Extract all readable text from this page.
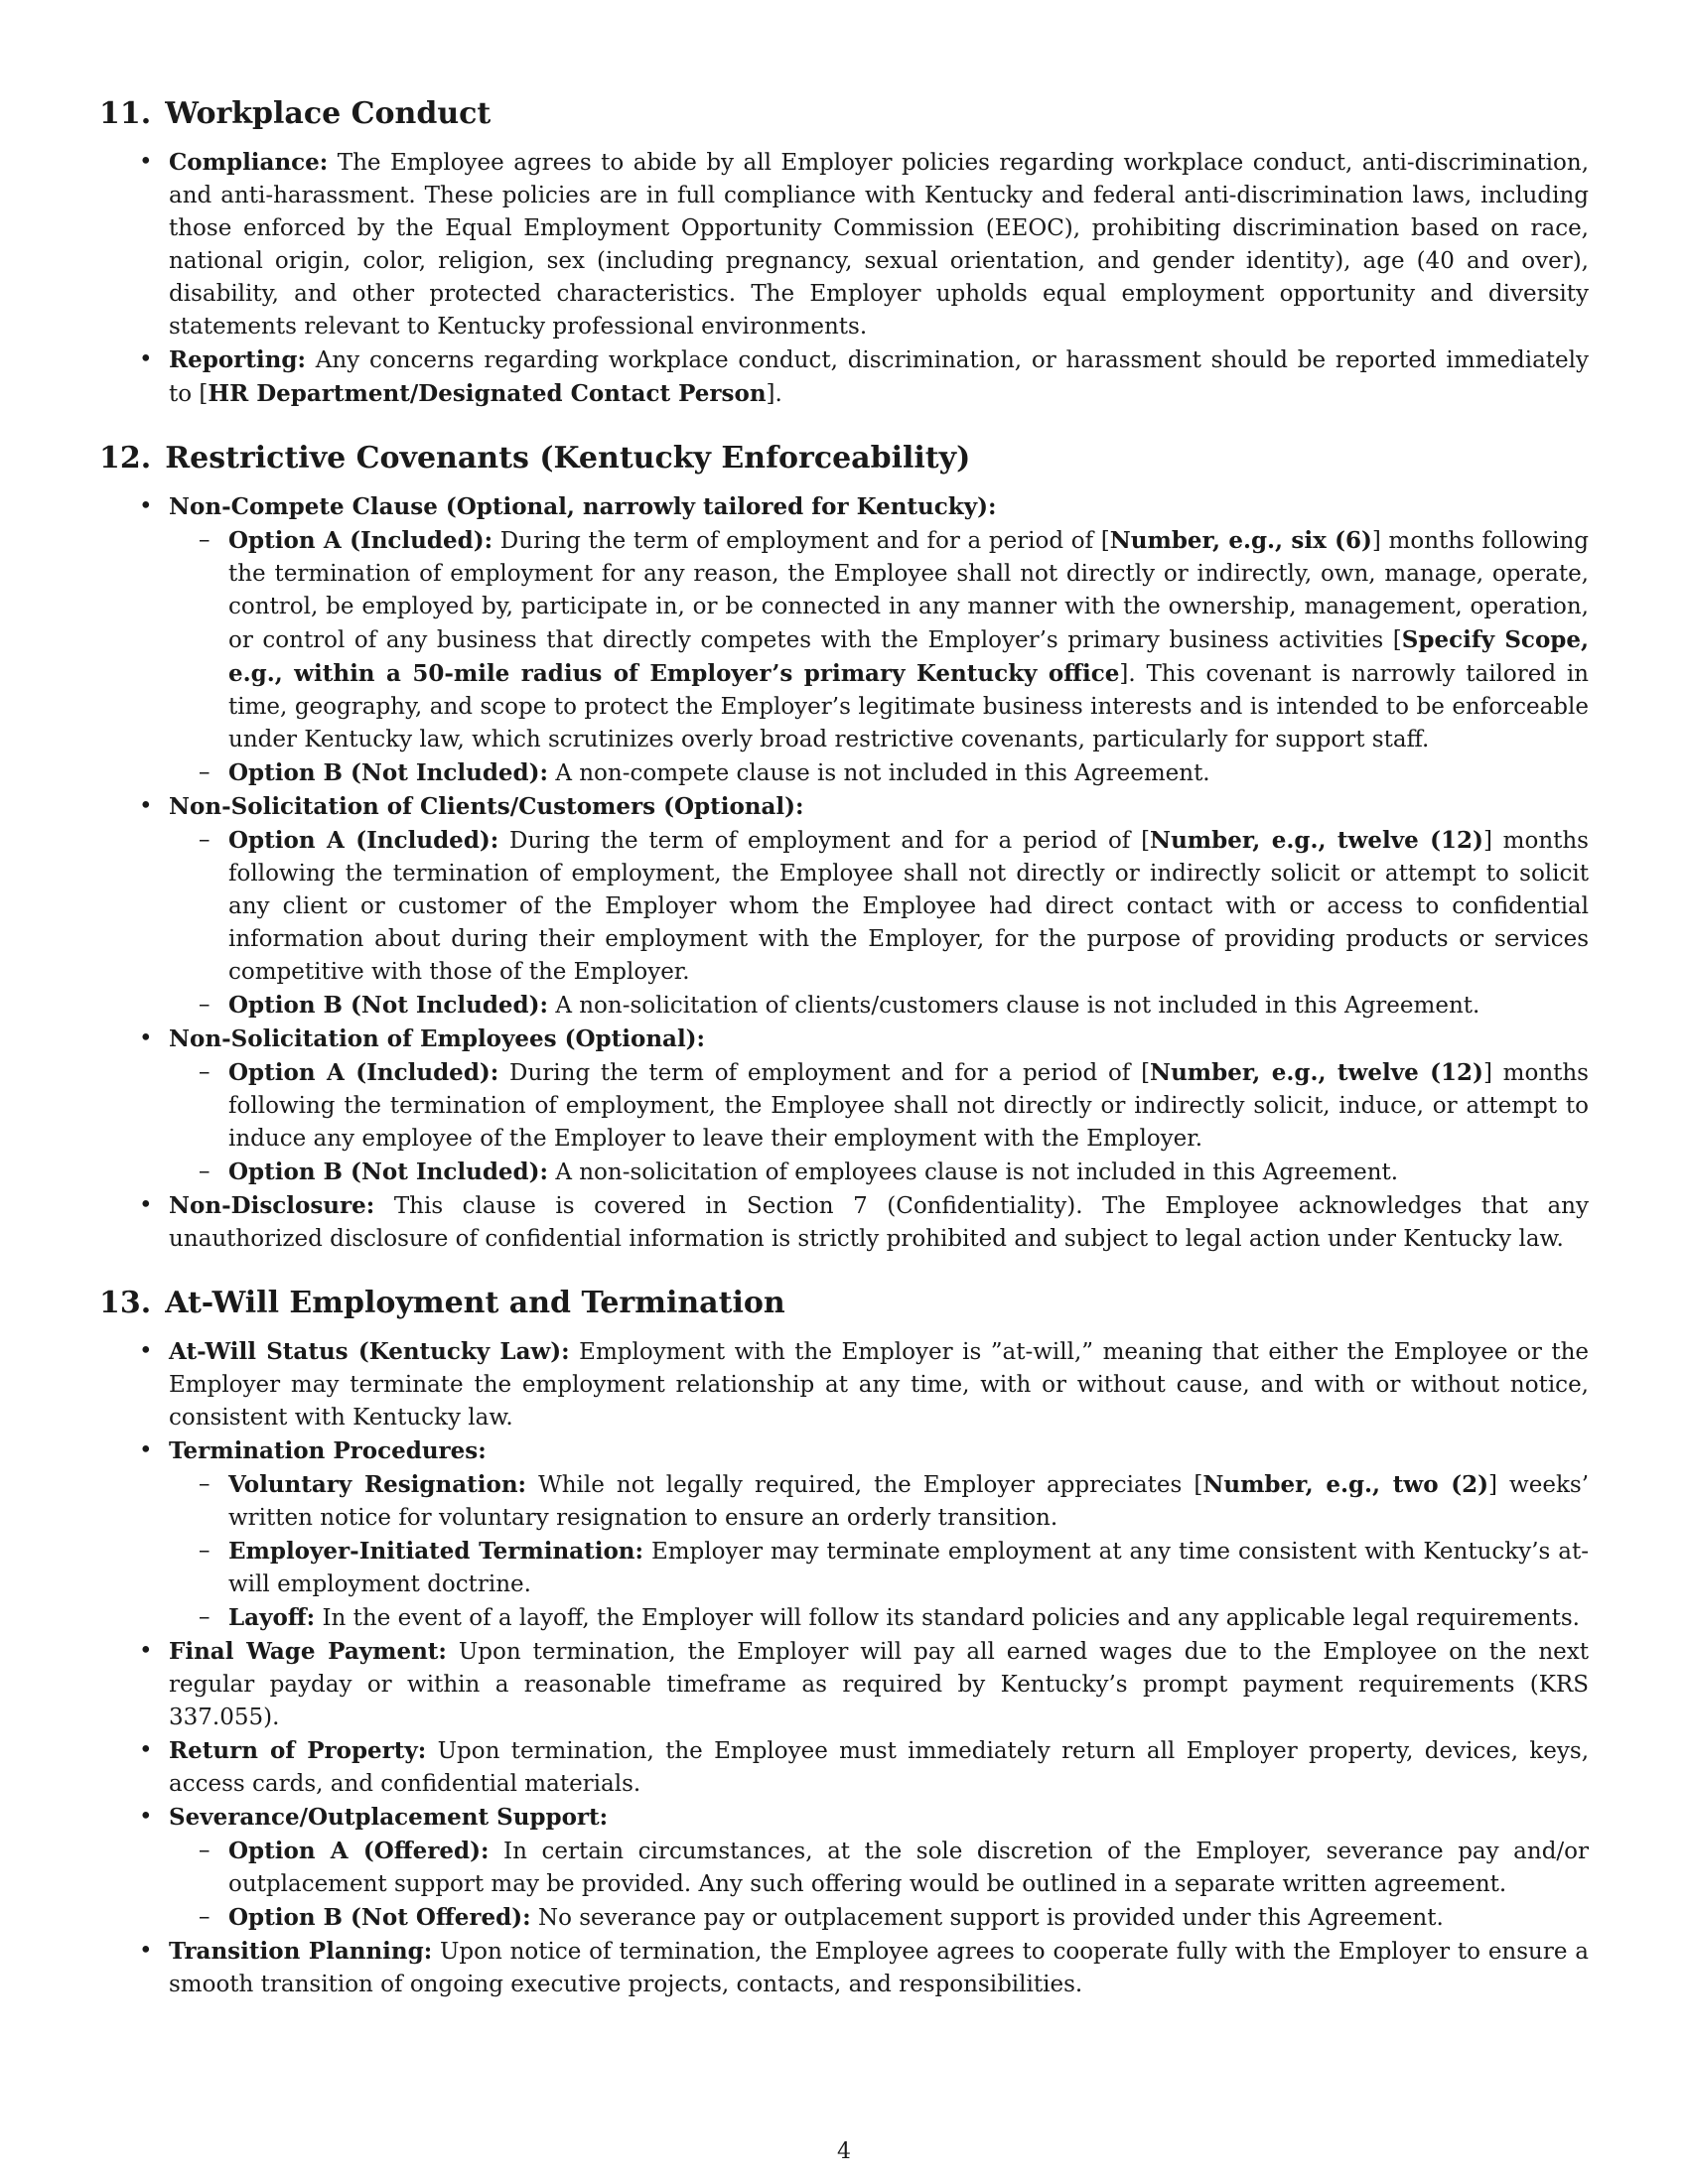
11. Workplace Conduct
• Compliance: The Employee agrees to abide by all Employer policies regarding workplace conduct, anti-discrimination, and anti-harassment. These policies are in full compliance with Kentucky and federal anti-discrimination laws, including those enforced by the Equal Employment Opportunity Commission (EEOC), prohibiting discrimination based on race, national origin, color, religion, sex (including pregnancy, sexual orientation, and gender identity), age (40 and over), disability, and other protected characteristics. The Employer upholds equal employment opportunity and diversity statements relevant to Kentucky professional environments.
• Reporting: Any concerns regarding workplace conduct, discrimination, or harassment should be reported immediately to [HR Department/Designated Contact Person].
12. Restrictive Covenants (Kentucky Enforceability)
• Non-Compete Clause (Optional, narrowly tailored for Kentucky):
– Option A (Included): During the term of employment and for a period of [Number, e.g., six (6)] months following the termination of employment for any reason, the Employee shall not directly or indirectly, own, manage, operate, control, be employed by, participate in, or be connected in any manner with the ownership, management, operation, or control of any business that directly competes with the Employer’s primary business activities [Specify Scope, e.g., within a 50-mile radius of Employer’s primary Kentucky office]. This covenant is narrowly tailored in time, geography, and scope to protect the Employer’s legitimate business interests and is intended to be enforceable under Kentucky law, which scrutinizes overly broad restrictive covenants, particularly for support staff.
– Option B (Not Included): A non-compete clause is not included in this Agreement.
• Non-Solicitation of Clients/Customers (Optional):
– Option A (Included): During the term of employment and for a period of [Number, e.g., twelve (12)] months following the termination of employment, the Employee shall not directly or indirectly solicit or attempt to solicit any client or customer of the Employer whom the Employee had direct contact with or access to confidential information about during their employment with the Employer, for the purpose of providing products or services competitive with those of the Employer.
– Option B (Not Included): A non-solicitation of clients/customers clause is not included in this Agreement.
• Non-Solicitation of Employees (Optional):
– Option A (Included): During the term of employment and for a period of [Number, e.g., twelve (12)] months following the termination of employment, the Employee shall not directly or indirectly solicit, induce, or attempt to induce any employee of the Employer to leave their employment with the Employer.
– Option B (Not Included): A non-solicitation of employees clause is not included in this Agreement.
• Non-Disclosure: This clause is covered in Section 7 (Confidentiality). The Employee acknowledges that any unauthorized disclosure of confidential information is strictly prohibited and subject to legal action under Kentucky law.
13. At-Will Employment and Termination
• At-Will Status (Kentucky Law): Employment with the Employer is ”at-will,” meaning that either the Employee or the Employer may terminate the employment relationship at any time, with or without cause, and with or without notice, consistent with Kentucky law.
• Termination Procedures:
– Voluntary Resignation: While not legally required, the Employer appreciates [Number, e.g., two (2)] weeks’ written notice for voluntary resignation to ensure an orderly transition.
– Employer-Initiated Termination: Employer may terminate employment at any time consistent with Kentucky’s at-will employment doctrine.
– Layoff: In the event of a layoff, the Employer will follow its standard policies and any applicable legal requirements.
• Final Wage Payment: Upon termination, the Employer will pay all earned wages due to the Employee on the next regular payday or within a reasonable timeframe as required by Kentucky’s prompt payment requirements (KRS 337.055).
• Return of Property: Upon termination, the Employee must immediately return all Employer property, devices, keys, access cards, and confidential materials.
• Severance/Outplacement Support:
– Option A (Offered): In certain circumstances, at the sole discretion of the Employer, severance pay and/or outplacement support may be provided. Any such offering would be outlined in a separate written agreement.
– Option B (Not Offered): No severance pay or outplacement support is provided under this Agreement.
• Transition Planning: Upon notice of termination, the Employee agrees to cooperate fully with the Employer to ensure a smooth transition of ongoing executive projects, contacts, and responsibilities.
4
